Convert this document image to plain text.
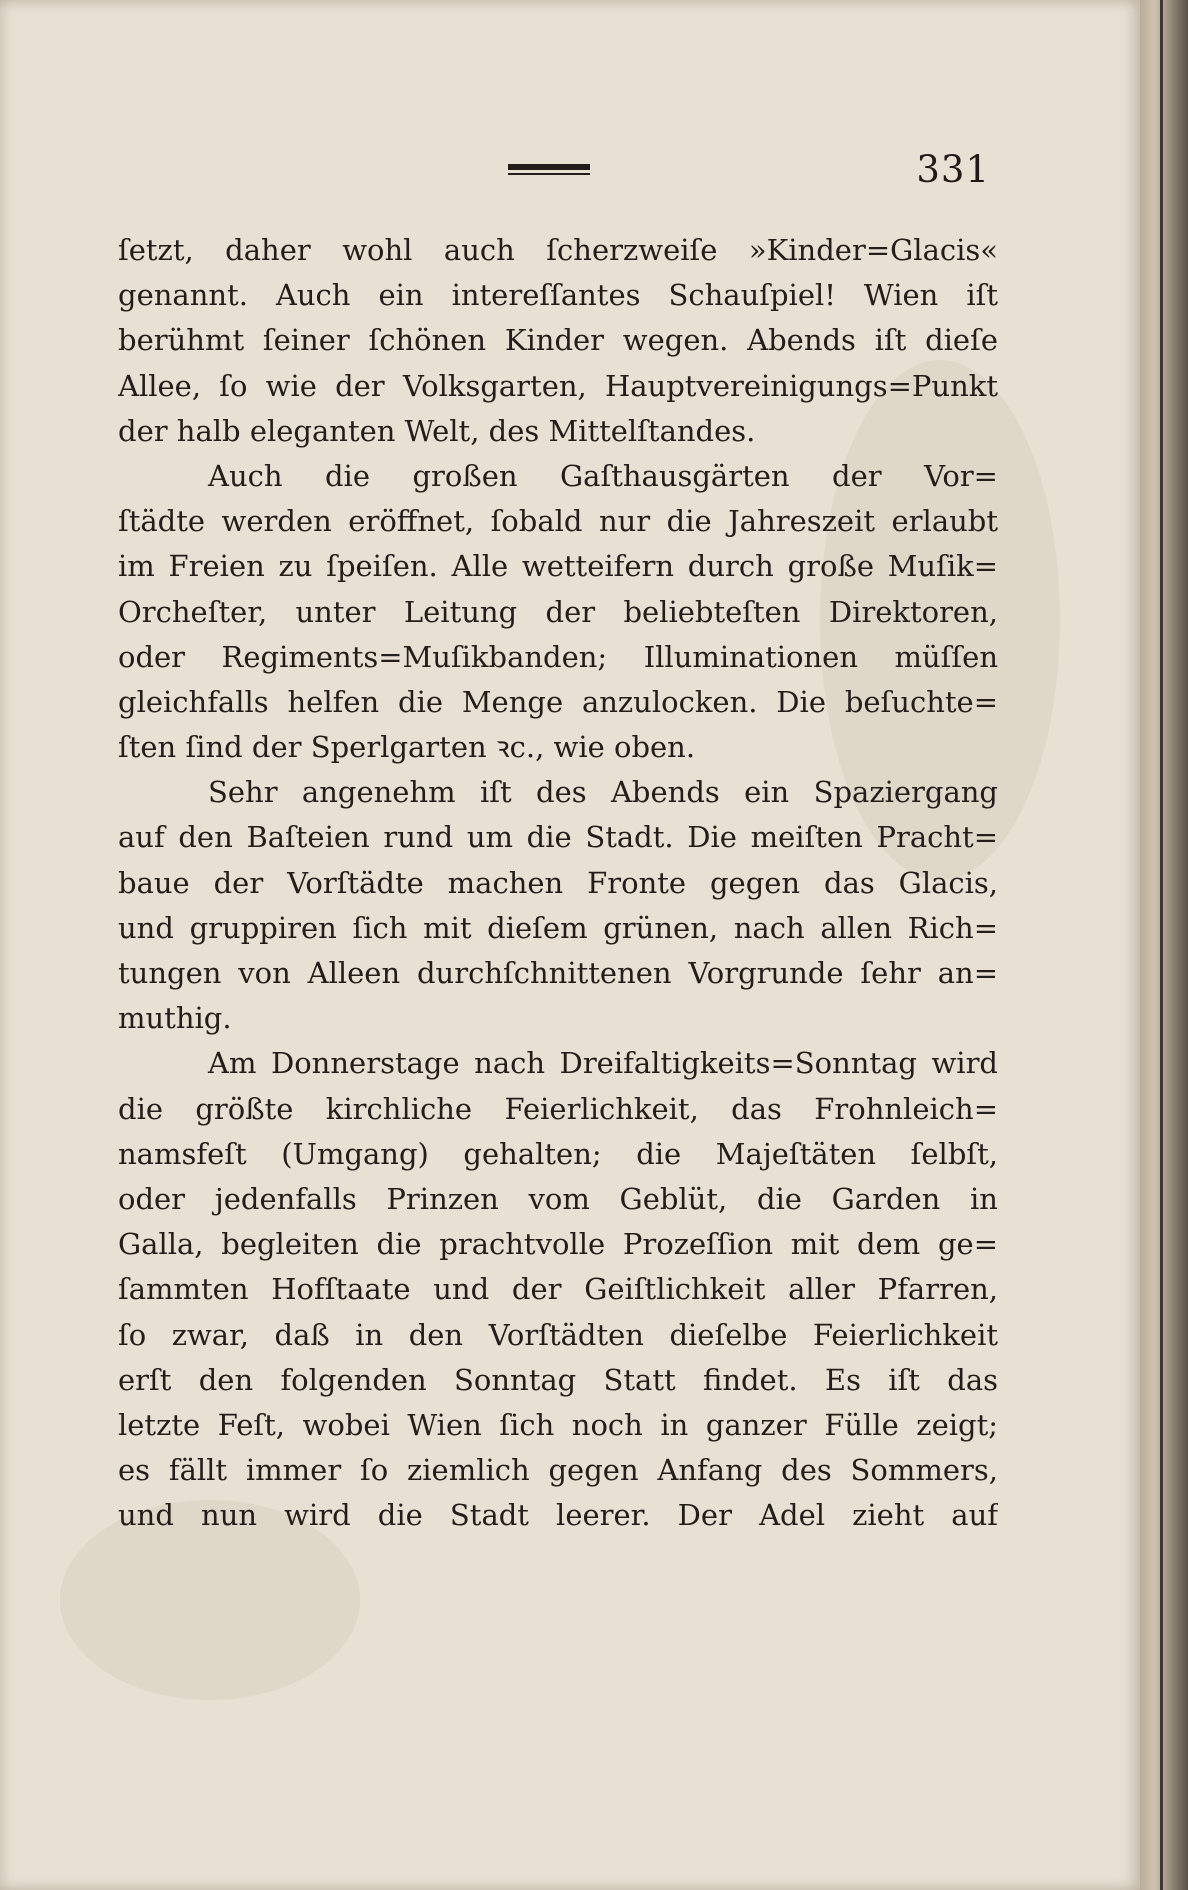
331
ſetzt, daher wohl auch ſcherzweiſe »Kinder=Glacis«
genannt. Auch ein intereſſantes Schauſpiel! Wien iſt
berühmt ſeiner ſchönen Kinder wegen. Abends iſt dieſe
Allee, ſo wie der Volksgarten, Hauptvereinigungs=Punkt
der halb eleganten Welt, des Mittelſtandes.
Auch die großen Gaſthausgärten der Vor=
ſtädte werden eröffnet, ſobald nur die Jahreszeit erlaubt
im Freien zu ſpeiſen. Alle wetteifern durch große Muſik=
Orcheſter, unter Leitung der beliebteſten Direktoren,
oder Regiments=Muſikbanden; Illuminationen müſſen
gleichfalls helfen die Menge anzulocken. Die beſuchte=
ſten ſind der Sperlgarten ꝛc., wie oben.
Sehr angenehm iſt des Abends ein Spaziergang
auf den Baſteien rund um die Stadt. Die meiſten Pracht=
baue der Vorſtädte machen Fronte gegen das Glacis,
und gruppiren ſich mit dieſem grünen, nach allen Rich=
tungen von Alleen durchſchnittenen Vorgrunde ſehr an=
muthig.
Am Donnerstage nach Dreifaltigkeits=Sonntag wird
die größte kirchliche Feierlichkeit, das Frohnleich=
namsfeſt (Umgang) gehalten; die Majeſtäten ſelbſt,
oder jedenfalls Prinzen vom Geblüt, die Garden in
Galla, begleiten die prachtvolle Prozeſſion mit dem ge=
ſammten Hofſtaate und der Geiſtlichkeit aller Pfarren,
ſo zwar, daß in den Vorſtädten dieſelbe Feierlichkeit
erſt den folgenden Sonntag Statt findet. Es iſt das
letzte Feſt, wobei Wien ſich noch in ganzer Fülle zeigt;
es fällt immer ſo ziemlich gegen Anfang des Sommers,
und nun wird die Stadt leerer. Der Adel zieht auf
